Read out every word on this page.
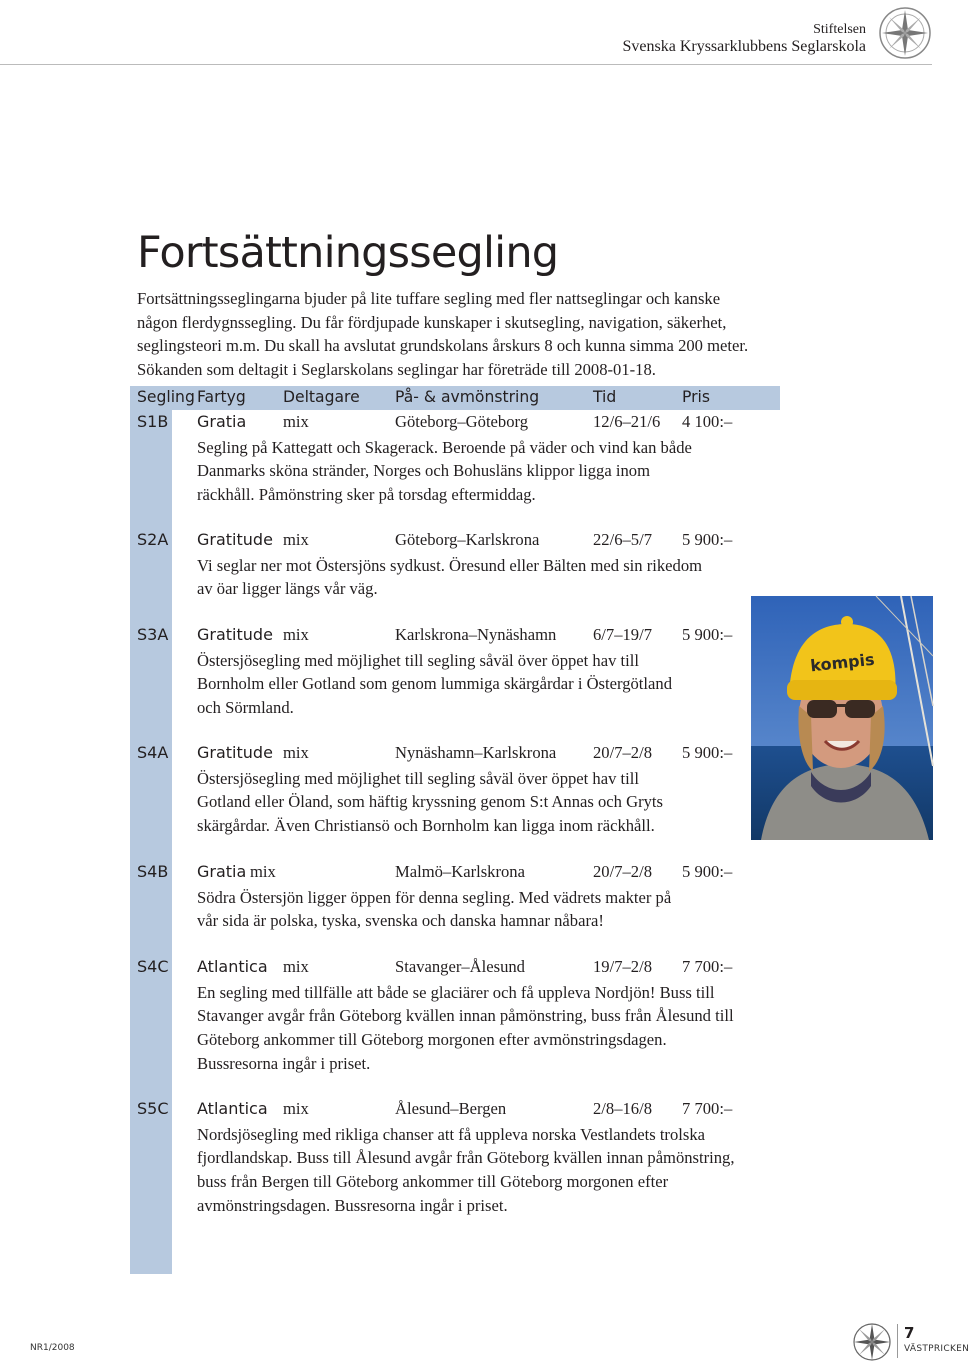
Stiftelsen
Svenska Kryssarklubbens Seglarskola
Fortsättningssegling

Fortsättningsseglingarna bjuder på lite tuffare segling med fler nattseglingar och kanske

någon flerdygnssegling. Du får fördjupade kunskaper i skutsegling, navigation, säkerhet,

seglingsteori m.m. Du skall ha avslutat grundskolans årskurs 8 och kunna simma 200 meter.

Sökanden som deltagit i Seglarskolans seglingar har företräde till 2008-01-18.

Segling Fartyg Deltagare På- & avmönstring	Tid	Pris
S1B Gratia mix	Göteborg–Göteborg	12/6–21/6 4 100:–
Segling på Kattegatt och Skagerack. Beroende på väder och vind kan både
Danmarks sköna stränder, Norges och Bohusläns klippor ligga inom
räckhåll. Påmönstring sker på torsdag eftermiddag.
S2A Gratitude mix	Göteborg–Karlskrona	22/6–5/7 5 900:–
Vi seglar ner mot Östersjöns sydkust. Öresund eller Bälten med sin rikedom
av öar ligger längs vår väg.
S3A Gratitude mix	Karlskrona–Nynäshamn 6/7–19/7 5 900:–
Östersjösegling med möjlighet till segling såväl över öppet hav till
Bornholm eller Gotland som genom lummiga skärgårdar i Östergötland
och Sörmland.
S4A Gratitude mix	Nynäshamn–Karlskrona 20/7–2/8 5 900:–
Östersjösegling med möjlighet till segling såväl över öppet hav till
Gotland eller Öland, som häftig kryssning genom S:t Annas och Gryts
skärgårdar. Även Christiansö och Bornholm kan ligga inom räckhåll.
S4B Gratia mix	Malmö–Karlskrona	20/7–2/8 5 900:–
Södra Östersjön ligger öppen för denna segling. Med vädrets makter på
vår sida är polska, tyska, svenska och danska hamnar nåbara!
S4C Atlantica mix	Stavanger–Ålesund	19/7–2/8 7 700:–
En segling med tillfälle att både se glaciärer och få uppleva Nordjön! Buss till
Stavanger avgår från Göteborg kvällen innan påmönstring, buss från Ålesund till
Göteborg ankommer till Göteborg morgonen efter avmönstringsdagen.
Bussresorna ingår i priset.
S5C Atlantica mix	Ålesund–Bergen	2/8–16/8 7 700:–
Nordsjösegling med rikliga chanser att få uppleva norska Vestlandets trolska
fjordlandskap. Buss till Ålesund avgår från Göteborg kvällen innan påmönstring,
buss från Bergen till Göteborg ankommer till Göteborg morgonen efter
avmönstringsdagen. Bussresorna ingår i priset.
kompis
NR1/2008
7
VÄSTPRICKEN
